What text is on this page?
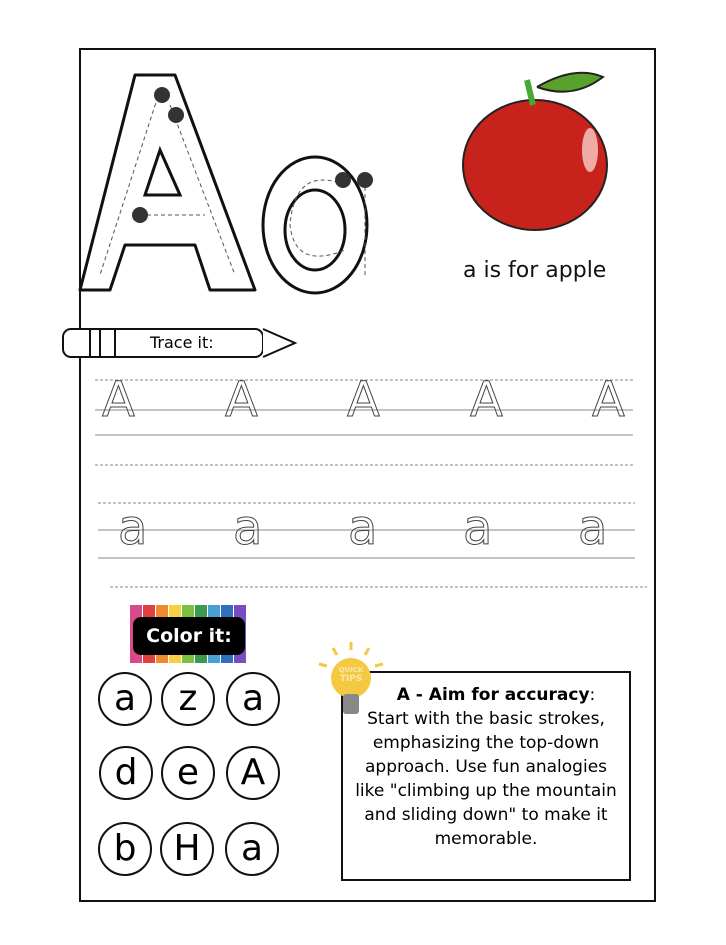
a is for apple
Trace it:
A A A A A
a a a a a
Color it:
a	z	a
d	e	A
b	H	a
A - Aim for accuracy:
Start with the basic strokes, emphasizing the top-down approach. Use fun analogies like "climbing up the mountain and sliding down" to make it memorable.
QUICK
TIPS
